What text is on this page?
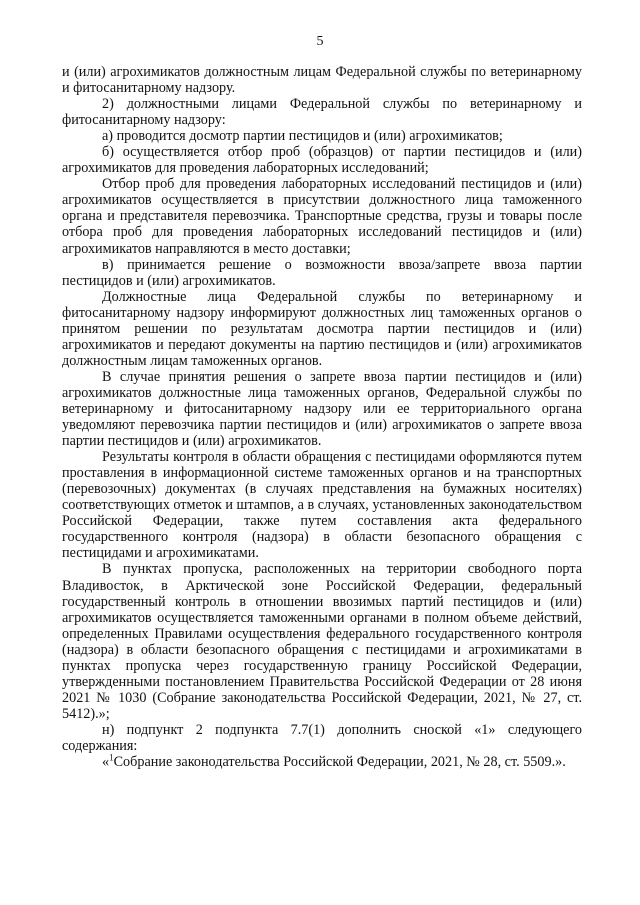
5

и (или) агрохимикатов должностным лицам Федеральной службы по ветеринарному и фитосанитарному надзору.

2) должностными лицами Федеральной службы по ветеринарному и фитосанитарному надзору:

а) проводится досмотр партии пестицидов и (или) агрохимикатов;

б) осуществляется отбор проб (образцов) от партии пестицидов и (или) агрохимикатов для проведения лабораторных исследований;

Отбор проб для проведения лабораторных исследований пестицидов и (или) агрохимикатов осуществляется в присутствии должностного лица таможенного органа и представителя перевозчика. Транспортные средства, грузы и товары после отбора проб для проведения лабораторных исследований пестицидов и (или) агрохимикатов направляются в место доставки;

в) принимается решение о возможности ввоза/запрете ввоза партии пестицидов и (или) агрохимикатов.

Должностные лица Федеральной службы по ветеринарному и фитосанитарному надзору информируют должностных лиц таможенных органов о принятом решении по результатам досмотра партии пестицидов и (или) агрохимикатов и передают документы на партию пестицидов и (или) агрохимикатов должностным лицам таможенных органов.

В случае принятия решения о запрете ввоза партии пестицидов и (или) агрохимикатов должностные лица таможенных органов, Федеральной службы по ветеринарному и фитосанитарному надзору или ее территориального органа уведомляют перевозчика партии пестицидов и (или) агрохимикатов о запрете ввоза партии пестицидов и (или) агрохимикатов.

Результаты контроля в области обращения с пестицидами оформляются путем проставления в информационной системе таможенных органов и на транспортных (перевозочных) документах (в случаях представления на бумажных носителях) соответствующих отметок и штампов, а в случаях, установленных законодательством Российской Федерации, также путем составления акта федерального государственного контроля (надзора) в области безопасного обращения с пестицидами и агрохимикатами.

В пунктах пропуска, расположенных на территории свободного порта Владивосток, в Арктической зоне Российской Федерации, федеральный государственный контроль в отношении ввозимых партий пестицидов и (или) агрохимикатов осуществляется таможенными органами в полном объеме действий, определенных Правилами осуществления федерального государственного контроля (надзора) в области безопасного обращения с пестицидами и агрохимикатами в пунктах пропуска через государственную границу Российской Федерации, утвержденными постановлением Правительства Российской Федерации от 28 июня 2021 № 1030 (Собрание законодательства Российской Федерации, 2021, № 27, ст. 5412).»;

н) подпункт 2 подпункта 7.7(1) дополнить сноской «1» следующего содержания:

«$^1$Собрание законодательства Российской Федерации, 2021, № 28, ст. 5509.».
